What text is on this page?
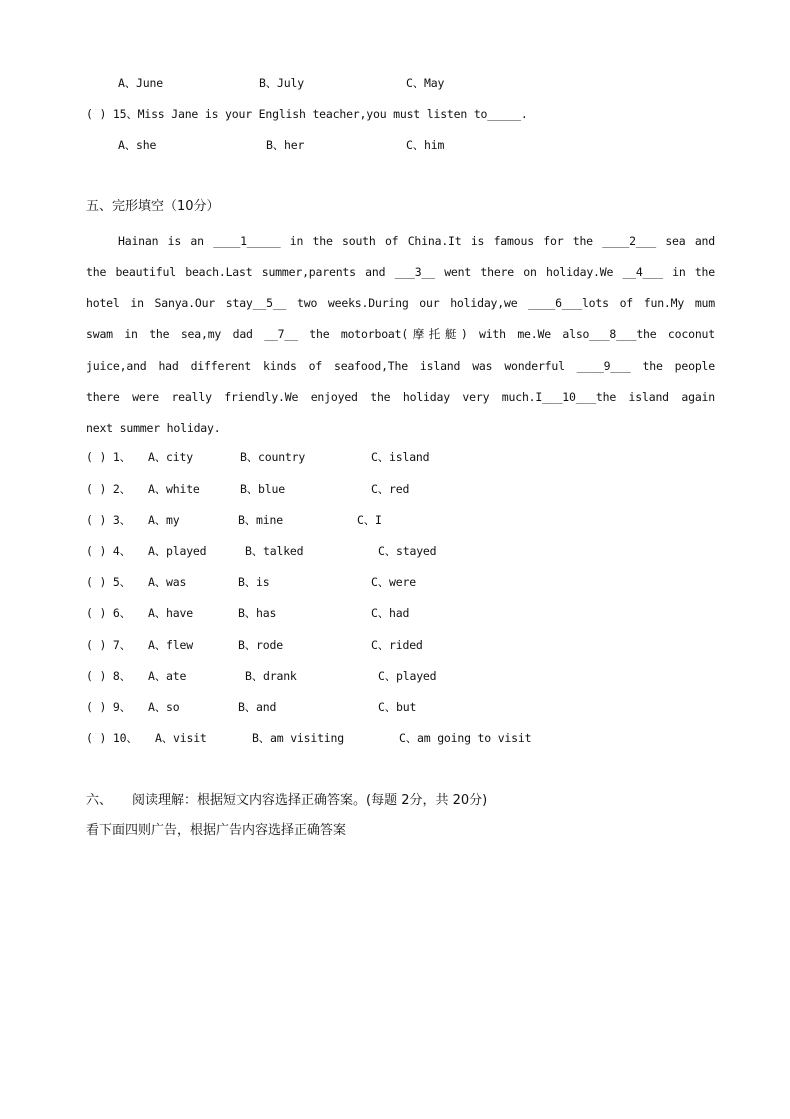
A、June	B、July	C、May
( ) 15、Miss Jane is your English teacher,you must listen to_____.
A、she	B、her	C、him
五、完形填空（10分）
Hainan is an ____1_____ in the south of China.It is famous for the ____2___ sea and
the beautiful beach.Last summer,parents and ___3__ went there on holiday.We __4___ in the
hotel in Sanya.Our stay__5__ two weeks.During our holiday,we ____6___lots of fun.My mum
swam in the sea,my dad __7__ the motorboat(摩托艇) with me.We also___8___the coconut
juice,and had different kinds of seafood,The island was wonderful ____9___ the people
there were really friendly.We enjoyed the holiday very much.I___10___the island again
next summer holiday.
( ) 1、 A、city	B、country	C、island
( ) 2、 A、white	B、blue	C、red
( ) 3、 A、my	B、mine	C、I
( ) 4、 A、played	B、talked	C、stayed
( ) 5、 A、was	B、is	C、were
( ) 6、 A、have	B、has	C、had
( ) 7、 A、flew	B、rode	C、rided
( ) 8、 A、ate	B、drank	C、played
( ) 9、 A、so	B、and	C、but
( ) 10、 A、visit	B、am visiting	C、am going to visit
六、 阅读理解：根据短文内容选择正确答案。(每题 2分，共 20分)
看下面四则广告，根据广告内容选择正确答案
